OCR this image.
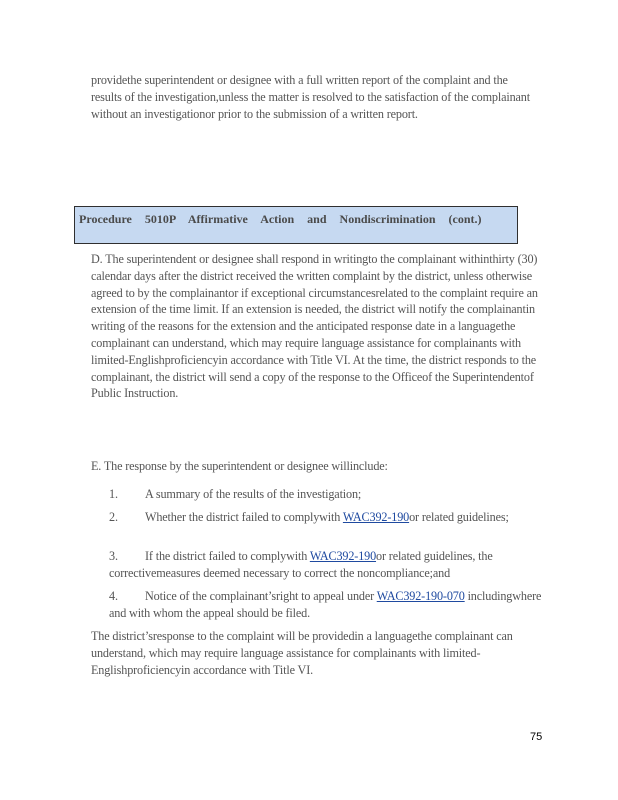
providethe superintendent or designee with a full written report of the complaint and the results of the investigation,unless the matter is resolved to the satisfaction of the complainant without an investigationor prior to the submission of a written report.
Procedure 5010P Affirmative Action and Nondiscrimination (cont.)
D. The superintendent or designee shall respond in writingto the complainant withinthirty (30) calendar days after the district received the written complaint by the district, unless otherwise agreed to by the complainantor if exceptional circumstancesrelated to the complaint require an extension of the time limit. If an extension is needed, the district will notify the complainantin writing of the reasons for the extension and the anticipated response date in a languagethe complainant can understand, which may require language assistance for complainants with limited-Englishproficiencyin accordance with Title VI. At the time, the district responds to the complainant, the district will send a copy of the response to the Officeof the Superintendentof Public Instruction.
E. The response by the superintendent or designee willinclude:
1. A summary of the results of the investigation;
2. Whether the district failed to complywith WAC392-190or related guidelines;
3. If the district failed to complywith WAC392-190or related guidelines, the correctivemeasures deemed necessary to correct the noncompliance;and
4. Notice of the complainant’sright to appeal under WAC392-190-070 includingwhere and with whom the appeal should be filed.
The district’sresponse to the complaint will be providedin a languagethe complainant can understand, which may require language assistance for complainants with limited-Englishproficiencyin accordance with Title VI.
75
